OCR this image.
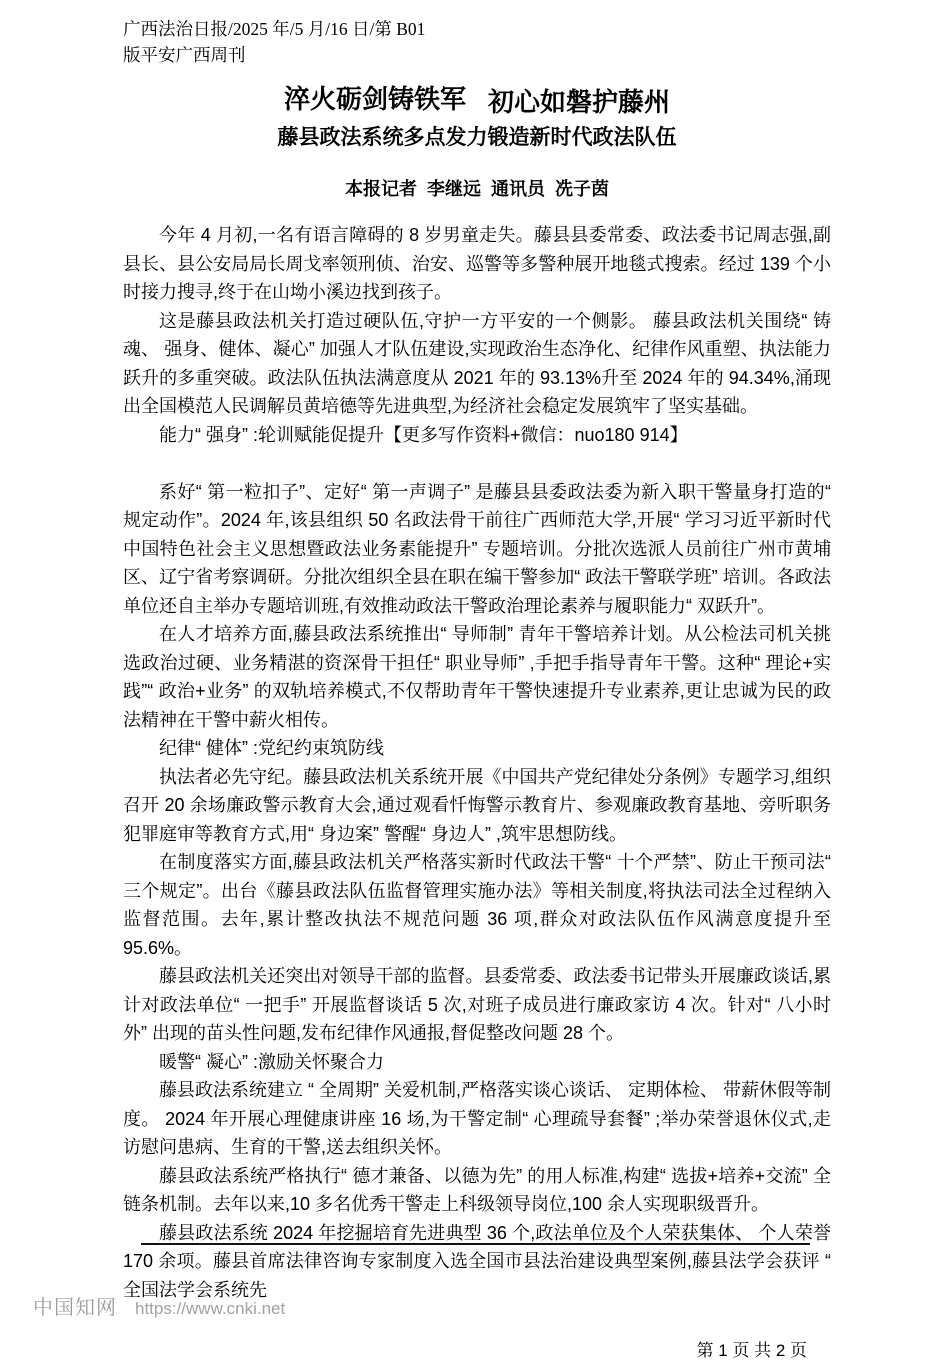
广西法治日报/2025 年/5 月/16 日/第 B01
版平安广西周刊
淬火砺剑铸铁军 初心如磐护藤州
藤县政法系统多点发力锻造新时代政法队伍
本报记者  李继远  通讯员  冼子茵

今年 4 月初,一名有语言障碍的 8 岁男童走失。藤县县委常委、政法委书记周志强,副县长、县公安局局长周戈率领刑侦、治安、巡警等多警种展开地毯式搜索。经过 139 个小时接力搜寻,终于在山坳小溪边找到孩子。

这是藤县政法机关打造过硬队伍,守护一方平安的一个侧影。 藤县政法机关围绕“ 铸魂、 强身、健体、凝心” 加强人才队伍建设,实现政治生态净化、纪律作风重塑、执法能力跃升的多重突破。政法队伍执法满意度从 2021 年的 93.13%升至 2024 年的 94.34%,涌现出全国模范人民调解员黄培德等先进典型,为经济社会稳定发展筑牢了坚实基础。

能力“ 强身” :轮训赋能促提升【更多写作资料+微信：nuo180 914】

系好“ 第一粒扣子”、定好“ 第一声调子” 是藤县县委政法委为新入职干警量身打造的“ 规定动作”。2024 年,该县组织 50 名政法骨干前往广西师范大学,开展“ 学习习近平新时代中国特色社会主义思想暨政法业务素能提升” 专题培训。分批次选派人员前往广州市黄埔区、辽宁省考察调研。分批次组织全县在职在编干警参加“ 政法干警联学班” 培训。各政法单位还自主举办专题培训班,有效推动政法干警政治理论素养与履职能力“ 双跃升”。

在人才培养方面,藤县政法系统推出“ 导师制” 青年干警培养计划。从公检法司机关挑选政治过硬、业务精湛的资深骨干担任“ 职业导师” ,手把手指导青年干警。这种“ 理论+实践”“ 政治+业务” 的双轨培养模式,不仅帮助青年干警快速提升专业素养,更让忠诚为民的政法精神在干警中薪火相传。

纪律“ 健体” :党纪约束筑防线

执法者必先守纪。藤县政法机关系统开展《中国共产党纪律处分条例》专题学习,组织召开 20 余场廉政警示教育大会,通过观看忏悔警示教育片、参观廉政教育基地、旁听职务犯罪庭审等教育方式,用“ 身边案” 警醒“ 身边人” ,筑牢思想防线。

在制度落实方面,藤县政法机关严格落实新时代政法干警“ 十个严禁”、防止干预司法“ 三个规定”。出台《藤县政法队伍监督管理实施办法》等相关制度,将执法司法全过程纳入监督范围。去年,累计整改执法不规范问题 36 项,群众对政法队伍作风满意度提升至 95.6%。

藤县政法机关还突出对领导干部的监督。县委常委、政法委书记带头开展廉政谈话,累计对政法单位“ 一把手” 开展监督谈话 5 次,对班子成员进行廉政家访 4 次。针对“ 八小时外” 出现的苗头性问题,发布纪律作风通报,督促整改问题 28 个。

暖警“ 凝心” :激励关怀聚合力

藤县政法系统建立 “ 全周期” 关爱机制,严格落实谈心谈话、 定期体检、 带薪休假等制度。 2024 年开展心理健康讲座 16 场,为干警定制“ 心理疏导套餐” ;举办荣誉退休仪式,走访慰问患病、生育的干警,送去组织关怀。

藤县政法系统严格执行“ 德才兼备、以德为先” 的用人标准,构建“ 选拔+培养+交流” 全链条机制。去年以来,10 多名优秀干警走上科级领导岗位,100 余人实现职级晋升。

藤县政法系统 2024 年挖掘培育先进典型 36 个,政法单位及个人荣获集体、 个人荣誉 170 余项。藤县首席法律咨询专家制度入选全国市县法治建设典型案例,藤县法学会获评 “ 全国法学会系统先

第 1 页 共 2 页
中国知网 https://www.cnki.net
